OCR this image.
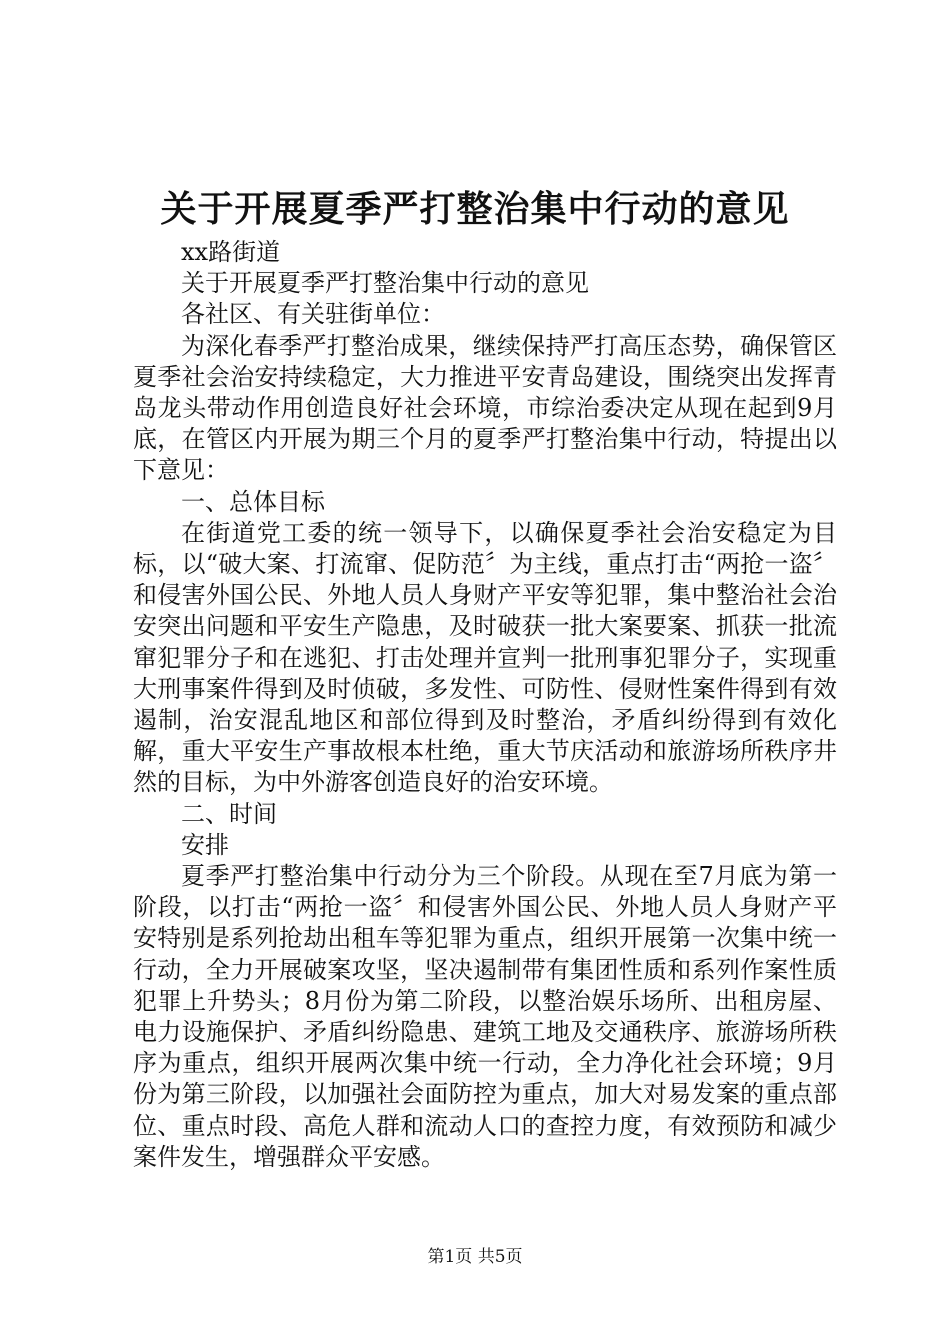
关于开展夏季严打整治集中行动的意见

xx路街道

关于开展夏季严打整治集中行动的意见

各社区、有关驻街单位：

为深化春季严打整治成果，继续保持严打高压态势，确保管区夏季社会治安持续稳定，大力推进平安青岛建设，围绕突出发挥青岛龙头带动作用创造良好社会环境，市综治委决定从现在起到9月底，在管区内开展为期三个月的夏季严打整治集中行动，特提出以下意见：

一、总体目标

在街道党工委的统一领导下，以确保夏季社会治安稳定为目标，以“破大案、打流窜、促防范〞为主线，重点打击“两抢一盗〞和侵害外国公民、外地人员人身财产平安等犯罪，集中整治社会治安突出问题和平安生产隐患，及时破获一批大案要案、抓获一批流窜犯罪分子和在逃犯、打击处理并宣判一批刑事犯罪分子，实现重大刑事案件得到及时侦破，多发性、可防性、侵财性案件得到有效遏制，治安混乱地区和部位得到及时整治，矛盾纠纷得到有效化解，重大平安生产事故根本杜绝，重大节庆活动和旅游场所秩序井然的目标，为中外游客创造良好的治安环境。

二、时间

安排

夏季严打整治集中行动分为三个阶段。从现在至7月底为第一阶段，以打击“两抢一盗〞和侵害外国公民、外地人员人身财产平安特别是系列抢劫出租车等犯罪为重点，组织开展第一次集中统一行动，全力开展破案攻坚，坚决遏制带有集团性质和系列作案性质犯罪上升势头；8月份为第二阶段，以整治娱乐场所、出租房屋、电力设施保护、矛盾纠纷隐患、建筑工地及交通秩序、旅游场所秩序为重点，组织开展两次集中统一行动，全力净化社会环境；9月份为第三阶段，以加强社会面防控为重点，加大对易发案的重点部位、重点时段、高危人群和流动人口的查控力度，有效预防和减少案件发生，增强群众平安感。

第1页 共5页
